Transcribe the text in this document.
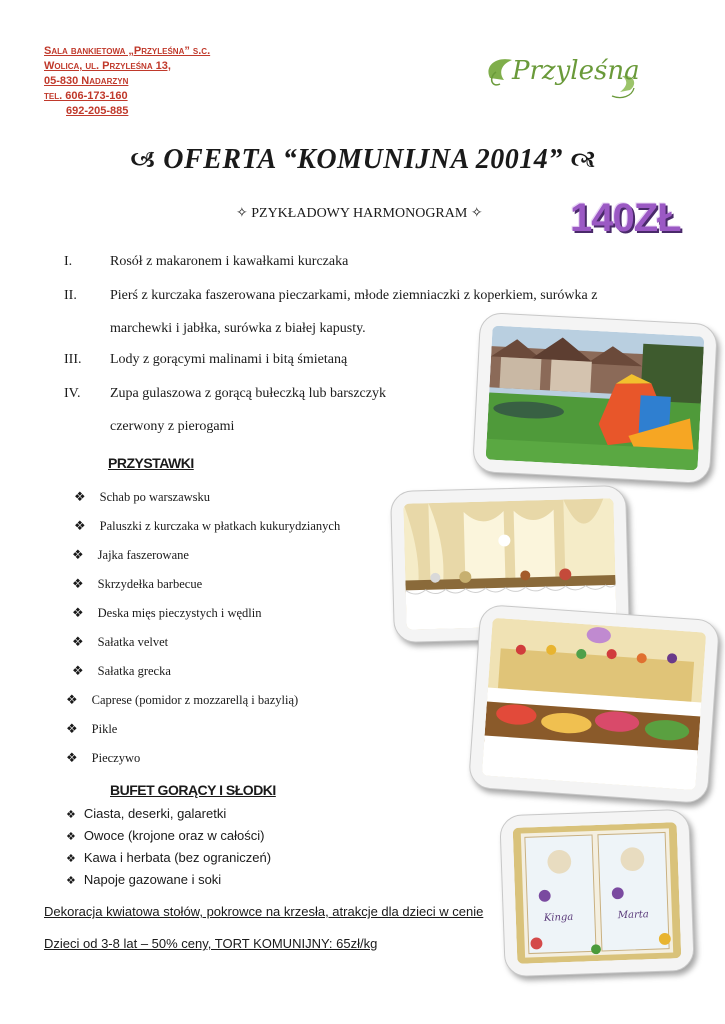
Sala bankietowa „Przyleśna” s.c.
Wolica, ul. Przyleśna 13,
05-830 Nadarzyn
tel. 606-173-160
692-205-885
Przyleśna
🙦 OFERTA “KOMUNIJNA 20014” 🙧
✧ PZYKŁADOWY HARMONOGRAM ✧ 140ZŁ
I.	Rosół z makaronem i kawałkami kurczaka
II. Pierś z kurczaka faszerowana pieczarkami, młode ziemniaczki z koperkiem, surówka z
marchewki i jabłka, surówka z białej kapusty.
III. Lody z gorącymi malinami i bitą śmietaną
IV. Zupa gulaszowa z gorącą bułeczką lub barszczyk
czerwony z pierogami
PRZYSTAWKI
❖ Schab po warszawsku
❖ Paluszki z kurczaka w płatkach kukurydzianych
❖ Jajka faszerowane
❖ Skrzydełka barbecue
❖ Deska mięs pieczystych i wędlin
❖ Sałatka velvet
❖ Sałatka grecka
❖ Caprese (pomidor z mozzarellą i bazylią)
❖ Pikle
❖ Pieczywo
BUFET GORĄCY I SŁODKI
❖ Ciasta, deserki, galaretki
❖ Owoce (krojone oraz w całości)
❖ Kawa i herbata (bez ograniczeń)
❖ Napoje gazowane i soki
Dekoracja kwiatowa stołów, pokrowce na krzesła, atrakcje dla dzieci w cenie
Dzieci od 3-8 lat – 50% ceny, TORT KOMUNIJNY: 65zł/kg
Kinga	Marta
